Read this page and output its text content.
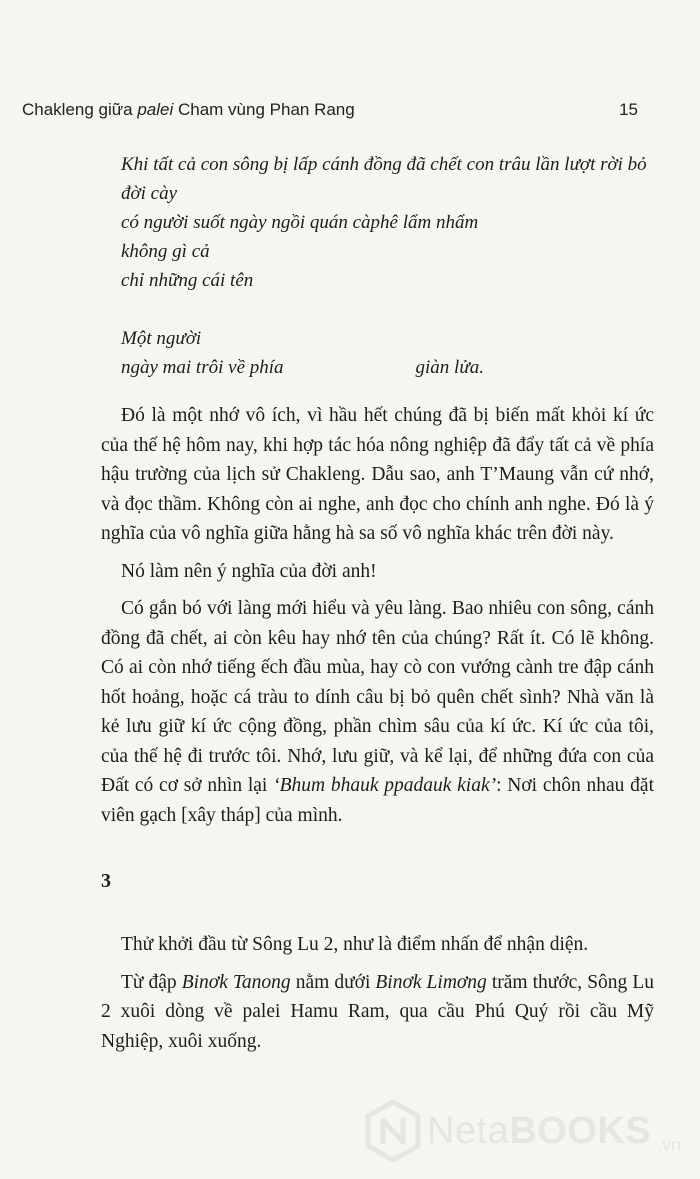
Chakleng giữa palei Cham vùng Phan Rang	15
Khi tất cả con sông bị lấp cánh đồng đã chết con trâu lần lượt rời bỏ
đời cày
có người suốt ngày ngồi quán càphê lẩm nhẩm
không gì cả
chỉ những cái tên
Một người
ngày mai trôi về phía	giàn lửa.

Đó là một nhớ vô ích, vì hầu hết chúng đã bị biến mất khỏi kí ức của thế hệ hôm nay, khi hợp tác hóa nông nghiệp đã đẩy tất cả về phía hậu trường của lịch sử Chakleng. Dẫu sao, anh T’Maung vẫn cứ nhớ, và đọc thầm. Không còn ai nghe, anh đọc cho chính anh nghe. Đó là ý nghĩa của vô nghĩa giữa hằng hà sa số vô nghĩa khác trên đời này.

Nó làm nên ý nghĩa của đời anh!

Có gắn bó với làng mới hiểu và yêu làng. Bao nhiêu con sông, cánh đồng đã chết, ai còn kêu hay nhớ tên của chúng? Rất ít. Có lẽ không. Có ai còn nhớ tiếng ếch đầu mùa, hay cò con vướng cành tre đập cánh hốt hoảng, hoặc cá tràu to dính câu bị bỏ quên chết sình? Nhà văn là kẻ lưu giữ kí ức cộng đồng, phần chìm sâu của kí ức. Kí ức của tôi, của thế hệ đi trước tôi. Nhớ, lưu giữ, và kể lại, để những đứa con của Đất có cơ sở nhìn lại ‘Bhum bhauk ppadauk kiak’: Nơi chôn nhau đặt viên gạch [xây tháp] của mình.

3

Thử khởi đầu từ Sông Lu 2, như là điểm nhấn để nhận diện.

Từ đập Binơk Tanong nằm dưới Binơk Limơng trăm thước, Sông Lu 2 xuôi dòng về palei Hamu Ram, qua cầu Phú Quý rồi cầu Mỹ Nghiệp, xuôi xuống.

NetaBOOKS .vn
